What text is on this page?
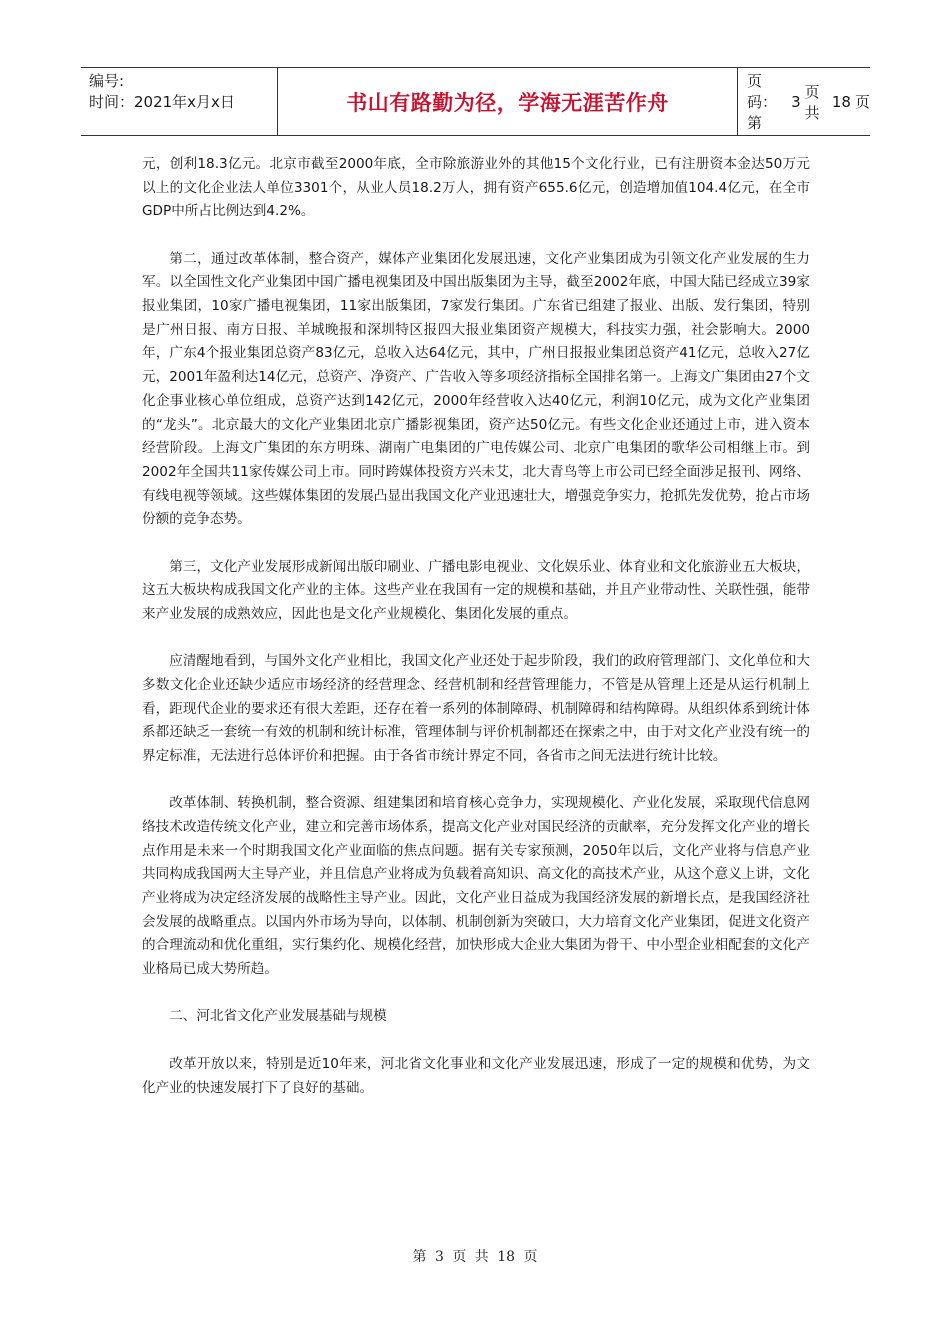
编号:
时间：2021年x月x日	书山有路勤为径，学海无涯苦作舟
页码：第
3
页 共
18 页

元，创利18.3亿元。北京市截至2000年底，全市除旅游业外的其他15个文化行业，已有注册资本金达50万元以上的文化企业法人单位3301个，从业人员18.2万人，拥有资产655.6亿元，创造增加值104.4亿元，在全市GDP中所占比例达到4.2%。

第二，通过改革体制，整合资产，媒体产业集团化发展迅速，文化产业集团成为引领文化产业发展的生力军。以全国性文化产业集团中国广播电视集团及中国出版集团为主导，截至2002年底，中国大陆已经成立39家报业集团，10家广播电视集团，11家出版集团，7家发行集团。广东省已组建了报业、出版、发行集团，特别是广州日报、南方日报、羊城晚报和深圳特区报四大报业集团资产规模大，科技实力强，社会影响大。2000年，广东4个报业集团总资产83亿元，总收入达64亿元，其中，广州日报报业集团总资产41亿元，总收入27亿元，2001年盈利达14亿元，总资产、净资产、广告收入等多项经济指标全国排名第一。上海文广集团由27个文化企事业核心单位组成，总资产达到142亿元，2000年经营收入达40亿元，利润10亿元，成为文化产业集团的“龙头”。北京最大的文化产业集团北京广播影视集团，资产达50亿元。有些文化企业还通过上市，进入资本经营阶段。上海文广集团的东方明珠、湖南广电集团的广电传媒公司、北京广电集团的歌华公司相继上市。到2002年全国共11家传媒公司上市。同时跨媒体投资方兴未艾，北大青鸟等上市公司已经全面涉足报刊、网络、有线电视等领域。这些媒体集团的发展凸显出我国文化产业迅速壮大，增强竞争实力，抢抓先发优势，抢占市场份额的竞争态势。

第三，文化产业发展形成新闻出版印刷业、广播电影电视业、文化娱乐业、体育业和文化旅游业五大板块，这五大板块构成我国文化产业的主体。这些产业在我国有一定的规模和基础，并且产业带动性、关联性强，能带来产业发展的成熟效应，因此也是文化产业规模化、集团化发展的重点。

应清醒地看到，与国外文化产业相比，我国文化产业还处于起步阶段，我们的政府管理部门、文化单位和大多数文化企业还缺少适应市场经济的经营理念、经营机制和经营管理能力，不管是从管理上还是从运行机制上看，距现代企业的要求还有很大差距，还存在着一系列的体制障碍、机制障碍和结构障碍。从组织体系到统计体系都还缺乏一套统一有效的机制和统计标准，管理体制与评价机制都还在探索之中，由于对文化产业没有统一的界定标准，无法进行总体评价和把握。由于各省市统计界定不同，各省市之间无法进行统计比较。

改革体制、转换机制，整合资源、组建集团和培育核心竞争力，实现规模化、产业化发展，采取现代信息网络技术改造传统文化产业，建立和完善市场体系，提高文化产业对国民经济的贡献率，充分发挥文化产业的增长点作用是未来一个时期我国文化产业面临的焦点问题。据有关专家预测，2050年以后，文化产业将与信息产业共同构成我国两大主导产业，并且信息产业将成为负载着高知识、高文化的高技术产业，从这个意义上讲，文化产业将成为决定经济发展的战略性主导产业。因此，文化产业日益成为我国经济发展的新增长点，是我国经济社会发展的战略重点。以国内外市场为导向，以体制、机制创新为突破口，大力培育文化产业集团，促进文化资产的合理流动和优化重组，实行集约化、规模化经营，加快形成大企业大集团为骨干、中小型企业相配套的文化产业格局已成大势所趋。

二、河北省文化产业发展基础与规模

改革开放以来，特别是近10年来，河北省文化事业和文化产业发展迅速，形成了一定的规模和优势，为文化产业的快速发展打下了良好的基础。

第 3 页 共 18 页
